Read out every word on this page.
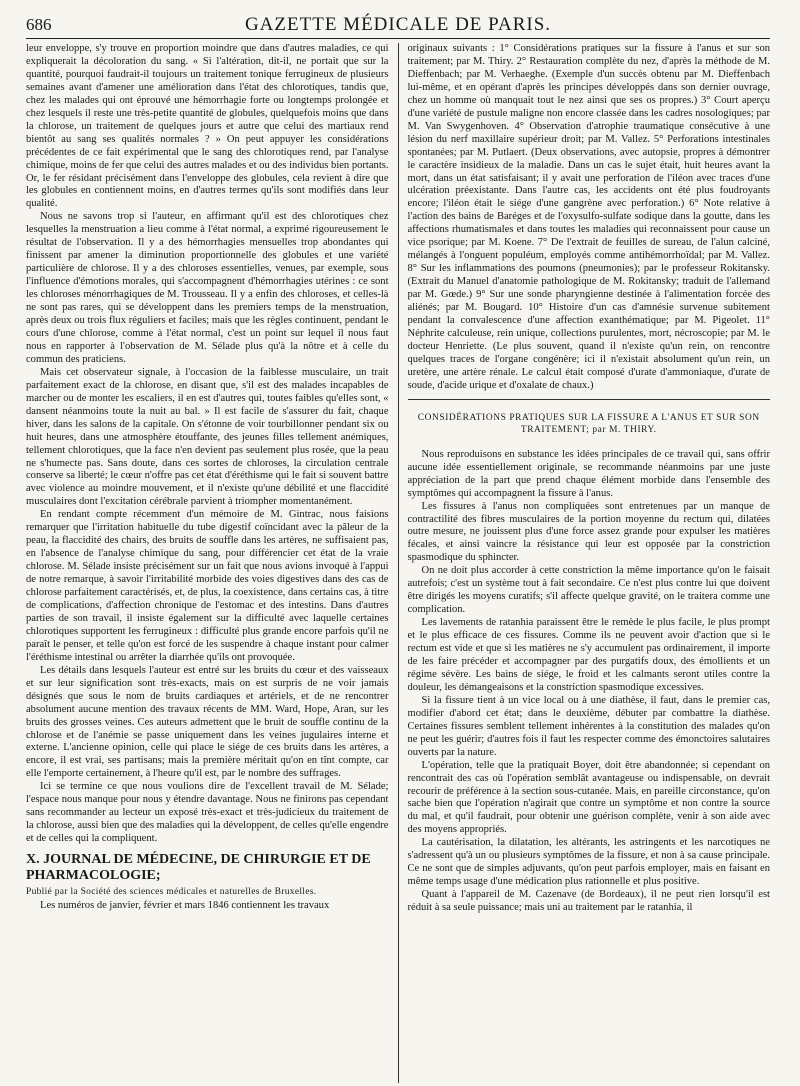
686	GAZETTE MÉDICALE DE PARIS.

leur enveloppe, s'y trouve en proportion moindre que dans d'autres maladies, ce qui expliquerait la décoloration du sang. « Si l'altération, dit-il, ne portait que sur la quantité, pourquoi faudrait-il toujours un traitement tonique ferrugineux de plusieurs semaines avant d'amener une amélioration dans l'état des chlorotiques, tandis que, chez les malades qui ont éprouvé une hémorrhagie forte ou longtemps prolongée et chez lesquels il reste une très-petite quantité de globules, quelquefois moins que dans la chlorose, un traitement de quelques jours et autre que celui des martiaux rend bientôt au sang ses qualités normales ? » On peut appuyer les considérations précédentes de ce fait expérimental que le sang des chlorotiques rend, par l'analyse chimique, moins de fer que celui des autres malades et ou des individus bien portants. Or, le fer résidant précisément dans l'enveloppe des globules, cela revient à dire que les globules en contiennent moins, en d'autres termes qu'ils sont modifiés dans leur qualité.

Nous ne savons trop si l'auteur, en affirmant qu'il est des chlorotiques chez lesquelles la menstruation a lieu comme à l'état normal, a exprimé rigoureusement le résultat de l'observation. Il y a des hémorrhagies mensuelles trop abondantes qui finissent par amener la diminution proportionnelle des globules et une variété particulière de chlorose. Il y a des chloroses essentielles, venues, par exemple, sous l'influence d'émotions morales, qui s'accompagnent d'hémorrhagies utérines : ce sont les chloroses ménorrhagiques de M. Trousseau. Il y a enfin des chloroses, et celles-là ne sont pas rares, qui se développent dans les premiers temps de la menstruation, après deux ou trois flux réguliers et faciles; mais que les règles continuent, pendant le cours d'une chlorose, comme à l'état normal, c'est un point sur lequel il nous faut nous en rapporter à l'observation de M. Sélade plus qu'à la nôtre et à celle du commun des praticiens.

Mais cet observateur signale, à l'occasion de la faiblesse musculaire, un trait parfaitement exact de la chlorose, en disant que, s'il est des malades incapables de marcher ou de monter les escaliers, il en est d'autres qui, toutes faibles qu'elles sont, « dansent néanmoins toute la nuit au bal. » Il est facile de s'assurer du fait, chaque hiver, dans les salons de la capitale. On s'étonne de voir tourbillonner pendant six ou huit heures, dans une atmosphère étouffante, des jeunes filles tellement anémiques, tellement chlorotiques, que la face n'en devient pas seulement plus rosée, que la peau ne s'humecte pas. Sans doute, dans ces sortes de chloroses, la circulation centrale conserve sa liberté; le cœur n'offre pas cet état d'éréthisme qui le fait si souvent battre avec violence au moindre mouvement, et il n'existe qu'une débilité et une flaccidité musculaires dont l'excitation cérébrale parvient à triompher momentanément.

En rendant compte récemment d'un mémoire de M. Gintrac, nous faisions remarquer que l'irritation habituelle du tube digestif coïncidant avec la pâleur de la peau, la flaccidité des chairs, des bruits de souffle dans les artères, ne suffisaient pas, en l'absence de l'analyse chimique du sang, pour différencier cet état de la vraie chlorose. M. Sélade insiste précisément sur un fait que nous avions invoqué à l'appui de notre remarque, à savoir l'irritabilité morbide des voies digestives dans des cas de chlorose parfaitement caractérisés, et, de plus, la coexistence, dans certains cas, à titre de complications, d'affection chronique de l'estomac et des intestins. Dans d'autres parties de son travail, il insiste également sur la difficulté avec laquelle certaines chlorotiques supportent les ferrugineux : difficulté plus grande encore parfois qu'il ne paraît le penser, et telle qu'on est forcé de les suspendre à chaque instant pour calmer l'éréthisme intestinal ou arrêter la diarrhée qu'ils ont provoquée.

Les détails dans lesquels l'auteur est entré sur les bruits du cœur et des vaisseaux et sur leur signification sont très-exacts, mais on est surpris de ne voir jamais désignés que sous le nom de bruits cardiaques et artériels, et de ne rencontrer absolument aucune mention des travaux récents de MM. Ward, Hope, Aran, sur les bruits des grosses veines. Ces auteurs admettent que le bruit de souffle continu de la chlorose et de l'anémie se passe uniquement dans les veines jugulaires interne et externe. L'ancienne opinion, celle qui place le siége de ces bruits dans les artères, a encore, il est vrai, ses partisans; mais la première méritait qu'on en tînt compte, car elle l'emporte certainement, à l'heure qu'il est, par le nombre des suffrages.

Ici se termine ce que nous voulions dire de l'excellent travail de M. Sélade; l'espace nous manque pour nous y étendre davantage. Nous ne finirons pas cependant sans recommander au lecteur un exposé très-exact et très-judicieux du traitement de la chlorose, aussi bien que des maladies qui la développent, de celles qu'elle engendre et de celles qui la compliquent.

X. JOURNAL DE MÉDECINE, DE CHIRURGIE ET DE PHARMACOLOGIE;
Publié par la Société des sciences médicales et naturelles de Bruxelles.

Les numéros de janvier, février et mars 1846 contiennent les travaux

originaux suivants : 1° Considérations pratiques sur la fissure à l'anus et sur son traitement; par M. Thiry. 2° Restauration complète du nez, d'après la méthode de M. Dieffenbach; par M. Verhaeghe. (Exemple d'un succès obtenu par M. Dieffenbach lui-même, et en opérant d'après les principes développés dans son dernier ouvrage, chez un homme où manquait tout le nez ainsi que ses os propres.) 3° Court aperçu d'une variété de pustule maligne non encore classée dans les cadres nosologiques; par M. Van Swygenhoven. 4° Observation d'atrophie traumatique consécutive à une lésion du nerf maxillaire supérieur droit; par M. Vallez. 5° Perforations intestinales spontanées; par M. Putlaert. (Deux observations, avec autopsie, propres à démontrer le caractère insidieux de la maladie. Dans un cas le sujet était, huit heures avant la mort, dans un état satisfaisant; il y avait une perforation de l'iléon avec traces d'une ulcération préexistante. Dans l'autre cas, les accidents ont été plus foudroyants encore; l'iléon était le siége d'une gangrène avec perforation.) 6° Note relative à l'action des bains de Baréges et de l'oxysulfo-sulfate sodique dans la goutte, dans les affections rhumatismales et dans toutes les maladies qui reconnaissent pour cause un vice psorique; par M. Koene. 7° De l'extrait de feuilles de sureau, de l'alun calciné, mélangés à l'onguent populéum, employés comme antihémorrhoïdal; par M. Vallez. 8° Sur les inflammations des poumons (pneumonies); par le professeur Rokitansky. (Extrait du Manuel d'anatomie pathologique de M. Rokitansky; traduit de l'allemand par M. Gœde.) 9° Sur une sonde pharyngienne destinée à l'alimentation forcée des aliénés; par M. Bougard. 10° Histoire d'un cas d'amnésie survenue subitement pendant la convalescence d'une affection exanthématique; par M. Pigeolet. 11° Néphrite calculeuse, rein unique, collections purulentes, mort, nécroscopie; par M. le docteur Henriette. (Le plus souvent, quand il n'existe qu'un rein, on rencontre quelques traces de l'organe congénère; ici il n'existait absolument qu'un rein, un uretère, une artère rénale. Le calcul était composé d'urate d'ammoniaque, d'urate de soude, d'acide urique et d'oxalate de chaux.)

CONSIDÉRATIONS PRATIQUES SUR LA FISSURE A L'ANUS ET SUR SON TRAITEMENT; par M. THIRY.

Nous reproduisons en substance les idées principales de ce travail qui, sans offrir aucune idée essentiellement originale, se recommande néanmoins par une juste appréciation de la part que prend chaque élément morbide dans l'ensemble des symptômes qui accompagnent la fissure à l'anus.

Les fissures à l'anus non compliquées sont entretenues par un manque de contractilité des fibres musculaires de la portion moyenne du rectum qui, dilatées outre mesure, ne jouissent plus d'une force assez grande pour expulser les matières fécales, et ainsi vaincre la résistance qui leur est opposée par la constriction spasmodique du sphincter.

On ne doit plus accorder à cette constriction la même importance qu'on le faisait autrefois; c'est un système tout à fait secondaire. Ce n'est plus contre lui que doivent être dirigés les moyens curatifs; s'il affecte quelque gravité, on le traitera comme une complication.

Les lavements de ratanhia paraissent être le remède le plus facile, le plus prompt et le plus efficace de ces fissures. Comme ils ne peuvent avoir d'action que si le rectum est vide et que si les matières ne s'y accumulent pas ordinairement, il importe de les faire précéder et accompagner par des purgatifs doux, des émollients et un régime sévère. Les bains de siége, le froid et les calmants seront utiles contre la douleur, les démangeaisons et la constriction spasmodique excessives.

Si la fissure tient à un vice local ou à une diathèse, il faut, dans le premier cas, modifier d'abord cet état; dans le deuxième, débuter par combattre la diathèse. Certaines fissures semblent tellement inhérentes à la constitution des malades qu'on ne peut les guérir; d'autres fois il faut les respecter comme des émonctoires salutaires ouverts par la nature.

L'opération, telle que la pratiquait Boyer, doit être abandonnée; si cependant on rencontrait des cas où l'opération semblât avantageuse ou indispensable, on devrait recourir de préférence à la section sous-cutanée. Mais, en pareille circonstance, qu'on sache bien que l'opération n'agirait que contre un symptôme et non contre la source du mal, et qu'il faudrait, pour obtenir une guérison complète, venir à son aide avec des moyens appropriés.

La cautérisation, la dilatation, les altérants, les astringents et les narcotiques ne s'adressent qu'à un ou plusieurs symptômes de la fissure, et non à sa cause principale. Ce ne sont que de simples adjuvants, qu'on peut parfois employer, mais en faisant en même temps usage d'une médication plus rationnelle et plus positive.

Quant à l'appareil de M. Cazenave (de Bordeaux), il ne peut rien lorsqu'il est réduit à sa seule puissance; mais uni au traitement par le ratanhia, il
